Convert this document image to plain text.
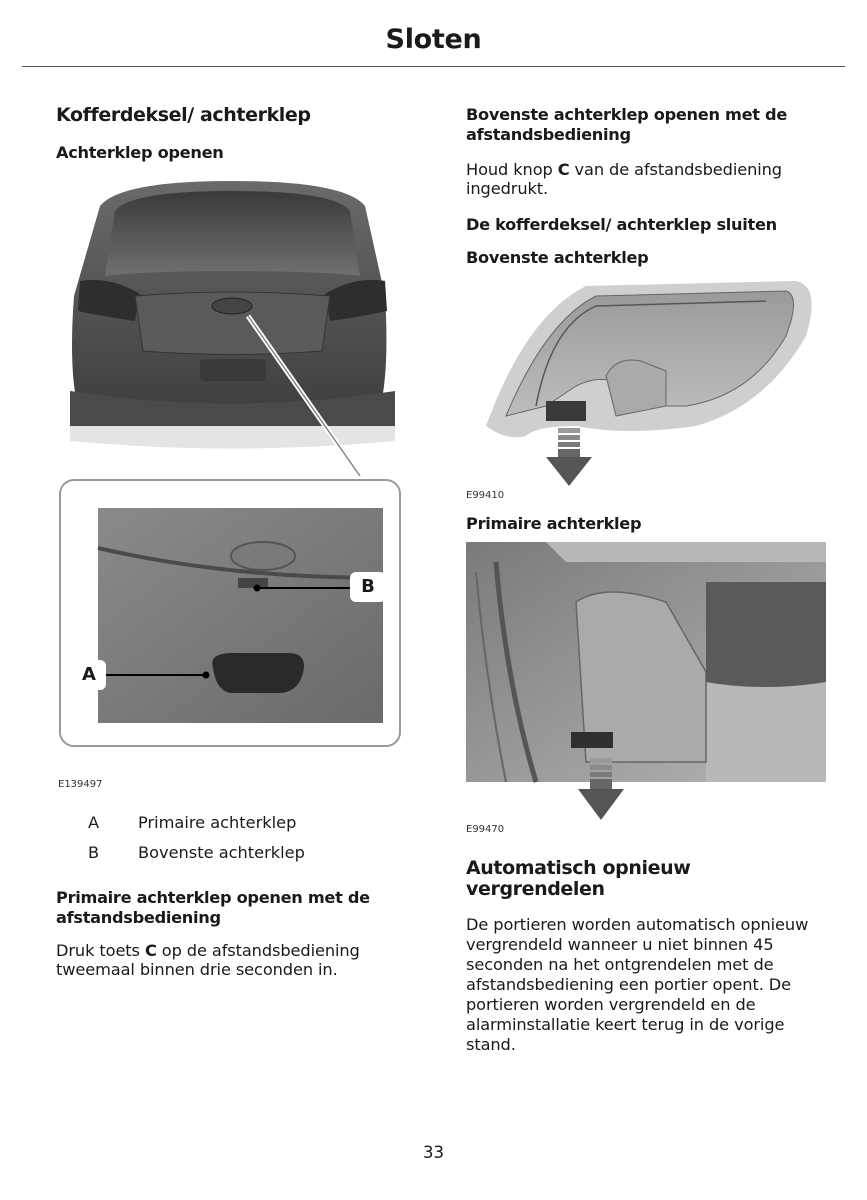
Sloten
Kofferdeksel/ achterklep
Achterklep openen
B
A
E139497
A Primaire achterklep
B Bovenste achterklep
Primaire achterklep openen met de
afstandsbediening
Druk toets C op de afstandsbediening
tweemaal binnen drie seconden in.
Bovenste achterklep openen met de
afstandsbediening
Houd knop C van de afstandsbediening
ingedrukt.
De kofferdeksel/ achterklep sluiten
Bovenste achterklep
E99410
Primaire achterklep
E99470
Automatisch opnieuw
vergrendelen
De portieren worden automatisch opnieuw
vergrendeld wanneer u niet binnen 45
seconden na het ontgrendelen met de
afstandsbediening een portier opent. De
portieren worden vergrendeld en de
alarminstallatie keert terug in de vorige
stand.
33
